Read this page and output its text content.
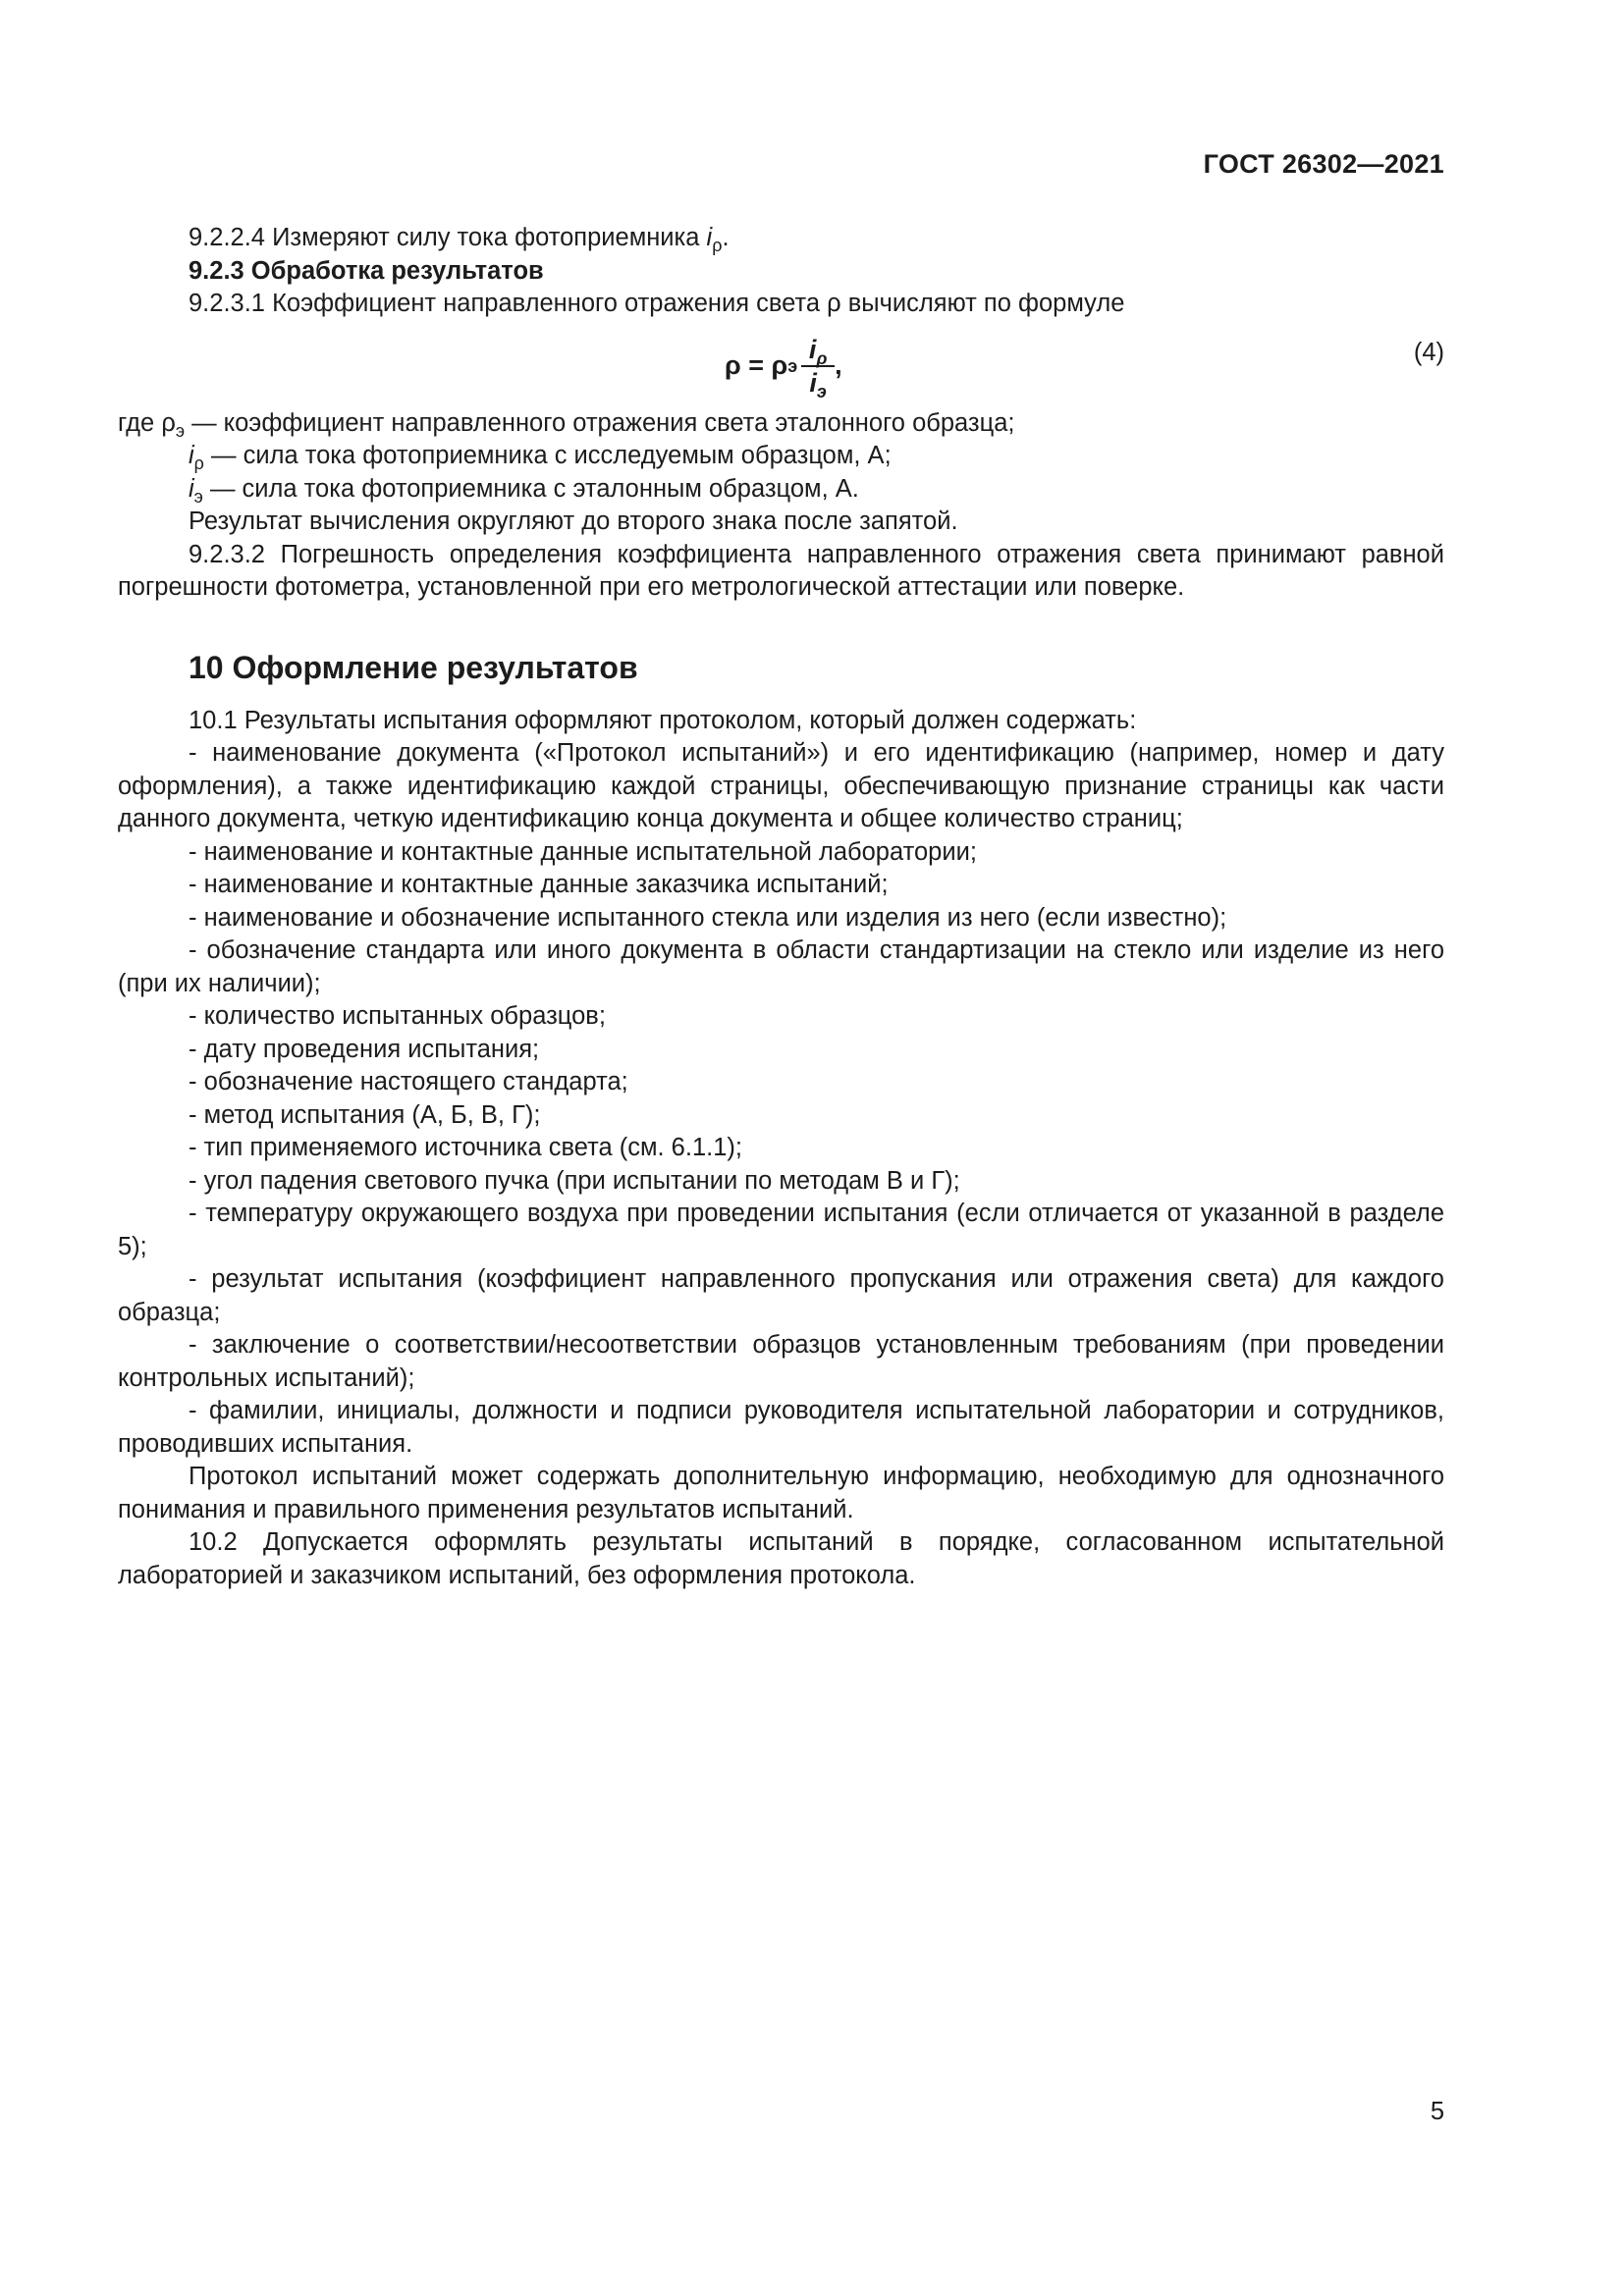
ГОСТ 26302—2021

9.2.2.4 Измеряют силу тока фотоприемника $i_\rho$.

9.2.3 Обработка результатов

9.2.3.1 Коэффициент направленного отражения света ρ вычисляют по формуле

ρ = ρ э $\frac{i_\rho}{i_э}$ ,	(4)

где $\rho_э$ — коэффициент направленного отражения света эталонного образца;

$i_\rho$ — сила тока фотоприемника с исследуемым образцом, А;

$i_э$ — сила тока фотоприемника с эталонным образцом, А.

Результат вычисления округляют до второго знака после запятой.

9.2.3.2 Погрешность определения коэффициента направленного отражения света принимают равной погрешности фотометра, установленной при его метрологической аттестации или поверке.

10 Оформление результатов

10.1 Результаты испытания оформляют протоколом, который должен содержать:

- наименование документа («Протокол испытаний») и его идентификацию (например, номер и дату оформления), а также идентификацию каждой страницы, обеспечивающую признание страницы как части данного документа, четкую идентификацию конца документа и общее количество страниц;

- наименование и контактные данные испытательной лаборатории;

- наименование и контактные данные заказчика испытаний;

- наименование и обозначение испытанного стекла или изделия из него (если известно);

- обозначение стандарта или иного документа в области стандартизации на стекло или изделие из него (при их наличии);

- количество испытанных образцов;

- дату проведения испытания;

- обозначение настоящего стандарта;

- метод испытания (А, Б, В, Г);

- тип применяемого источника света (см. 6.1.1);

- угол падения светового пучка (при испытании по методам В и Г);

- температуру окружающего воздуха при проведении испытания (если отличается от указанной в разделе 5);

- результат испытания (коэффициент направленного пропускания или отражения света) для каждого образца;

- заключение о соответствии/несоответствии образцов установленным требованиям (при проведении контрольных испытаний);

- фамилии, инициалы, должности и подписи руководителя испытательной лаборатории и сотрудников, проводивших испытания.

Протокол испытаний может содержать дополнительную информацию, необходимую для однозначного понимания и правильного применения результатов испытаний.

10.2 Допускается оформлять результаты испытаний в порядке, согласованном испытательной лабораторией и заказчиком испытаний, без оформления протокола.

5
